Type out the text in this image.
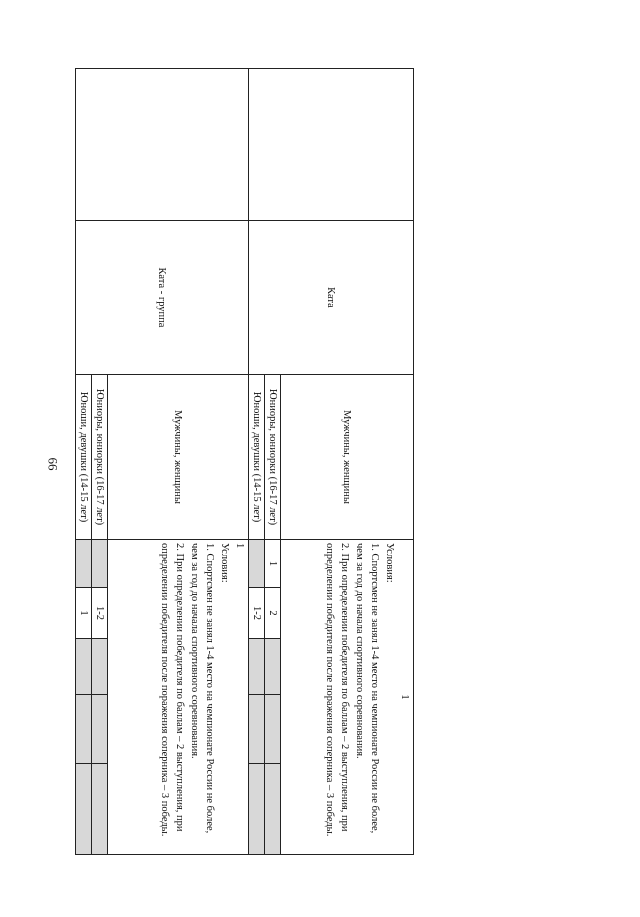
66
	Ката	Мужчины, женщины	1
Условия:
1. Спортсмен не занял 1-4 место на чемпионате России не более, чем за год до начала спортивного соревнования.
2. При определении победителя по баллам – 2 выступления, при определении победителя после поражения соперника – 3 победы.				

		Юниоры, юниорки (16-17 лет)	1	2			
		Юноши, девушки (14-15 лет)		1-2			
	Ката - группа	Мужчины, женщины	1
Условия:
1. Спортсмен не занял 1-4 место на чемпионате России не более, чем за год до начала спортивного соревнования.
2. При определении победителя по баллам – 2 выступления, при определении победителя после поражения соперника – 3 победы.				

		Юниоры, юниорки (16-17 лет)		1-2			
		Юноши, девушки (14-15 лет)		1			
